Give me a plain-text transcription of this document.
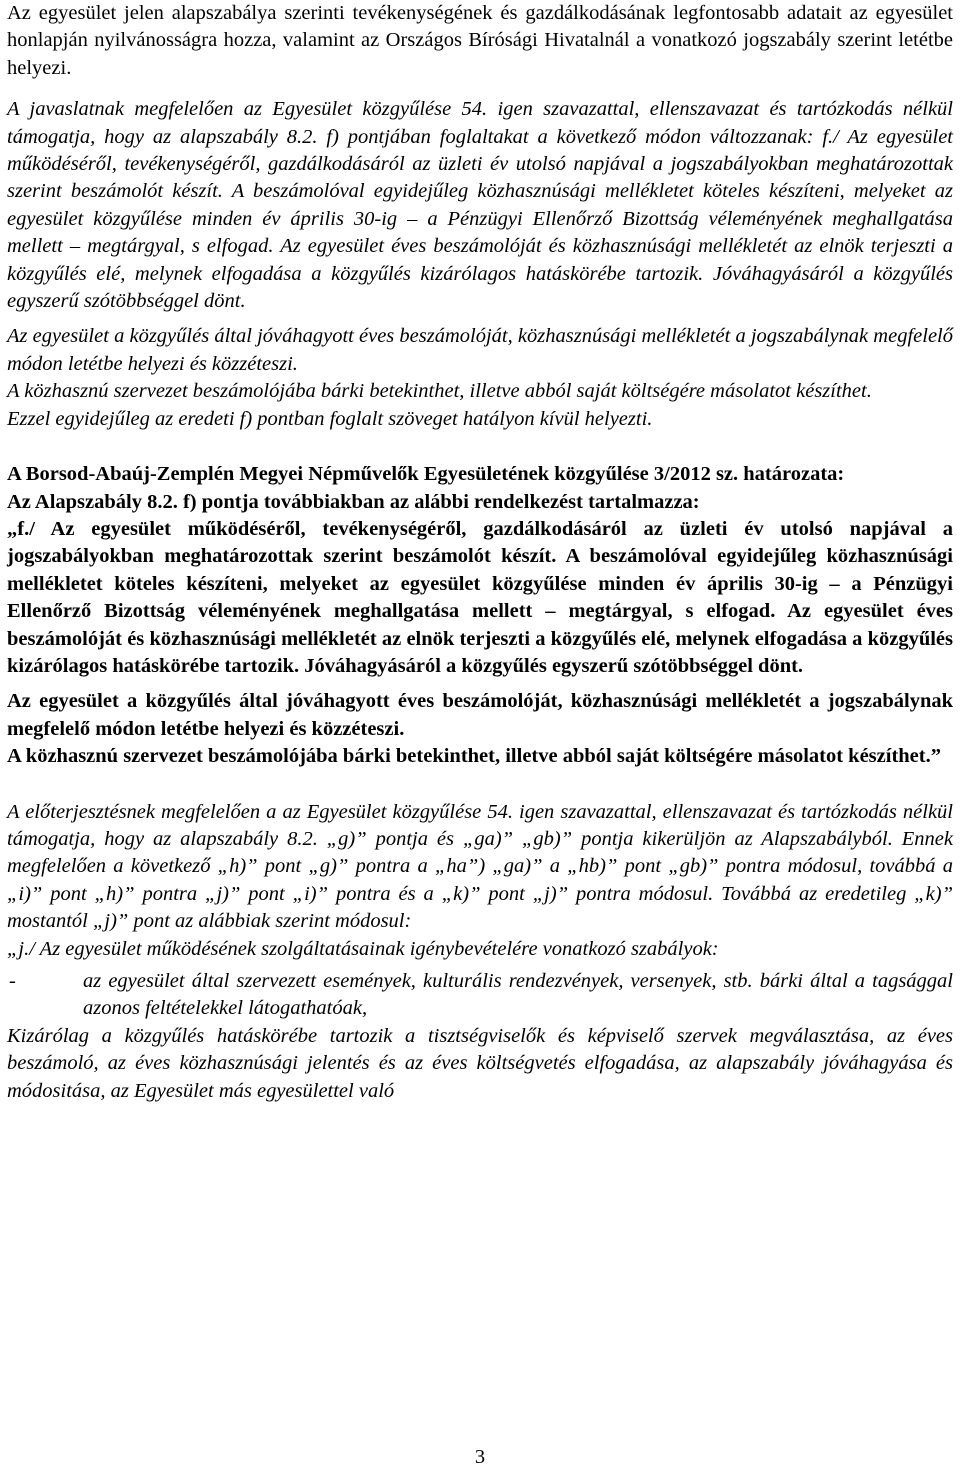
Az egyesület jelen alapszabálya szerinti tevékenységének és gazdálkodásának legfontosabb adatait az egyesület honlapján nyilvánosságra hozza, valamint az Országos Bírósági Hivatalnál a vonatkozó jogszabály szerint letétbe helyezi.

A javaslatnak megfelelően az Egyesület közgyűlése 54. igen szavazattal, ellenszavazat és tartózkodás nélkül támogatja, hogy az alapszabály 8.2. f) pontjában foglaltakat a következő módon változzanak: f./ Az egyesület működéséről, tevékenységéről, gazdálkodásáról az üzleti év utolsó napjával a jogszabályokban meghatározottak szerint beszámolót készít. A beszámolóval egyidejűleg közhasznúsági mellékletet köteles készíteni, melyeket az egyesület közgyűlése minden év április 30-ig – a Pénzügyi Ellenőrző Bizottság véleményének meghallgatása mellett – megtárgyal, s elfogad. Az egyesület éves beszámolóját és közhasznúsági mellékletét az elnök terjeszti a közgyűlés elé, melynek elfogadása a közgyűlés kizárólagos hatáskörébe tartozik. Jóváhagyásáról a közgyűlés egyszerű szótöbbséggel dönt.

Az egyesület a közgyűlés által jóváhagyott éves beszámolóját, közhasznúsági mellékletét a jogszabálynak megfelelő módon letétbe helyezi és közzéteszi.

A közhasznú szervezet beszámolójába bárki betekinthet, illetve abból saját költségére másolatot készíthet.

Ezzel egyidejűleg az eredeti f) pontban foglalt szöveget hatályon kívül helyezti.

A Borsod-Abaúj-Zemplén Megyei Népművelők Egyesületének közgyűlése 3/2012 sz. határozata:

Az Alapszabály 8.2. f) pontja továbbiakban az alábbi rendelkezést tartalmazza:

„f./ Az egyesület működéséről, tevékenységéről, gazdálkodásáról az üzleti év utolsó napjával a jogszabályokban meghatározottak szerint beszámolót készít. A beszámolóval egyidejűleg közhasznúsági mellékletet köteles készíteni, melyeket az egyesület közgyűlése minden év április 30-ig – a Pénzügyi Ellenőrző Bizottság véleményének meghallgatása mellett – megtárgyal, s elfogad. Az egyesület éves beszámolóját és közhasznúsági mellékletét az elnök terjeszti a közgyűlés elé, melynek elfogadása a közgyűlés kizárólagos hatáskörébe tartozik. Jóváhagyásáról a közgyűlés egyszerű szótöbbséggel dönt.

Az egyesület a közgyűlés által jóváhagyott éves beszámolóját, közhasznúsági mellékletét a jogszabálynak megfelelő módon letétbe helyezi és közzéteszi.

A közhasznú szervezet beszámolójába bárki betekinthet, illetve abból saját költségére másolatot készíthet.”

A előterjesztésnek megfelelően a az Egyesület közgyűlése 54. igen szavazattal, ellenszavazat és tartózkodás nélkül támogatja, hogy az alapszabály 8.2. „g)” pontja és „ga)” „gb)” pontja kikerüljön az Alapszabályból. Ennek megfelelően a következő „h)” pont „g)” pontra a „ha”) „ga)” a „hb)” pont „gb)” pontra módosul, továbbá a „i)” pont „h)” pontra „j)” pont „i)” pontra és a „k)” pont „j)” pontra módosul. Továbbá az eredetileg „k)” mostantól „j)” pont az alábbiak szerint módosul:

„j./ Az egyesület működésének szolgáltatásainak igénybevételére vonatkozó szabályok:

-	az egyesület által szervezett események, kulturális rendezvények, versenyek, stb. bárki által a tagsággal azonos feltételekkel látogathatóak,

Kizárólag a közgyűlés hatáskörébe tartozik a tisztségviselők és képviselő szervek megválasztása, az éves beszámoló, az éves közhasznúsági jelentés és az éves költségvetés elfogadása, az alapszabály jóváhagyása és módositása, az Egyesület más egyesülettel való

3
